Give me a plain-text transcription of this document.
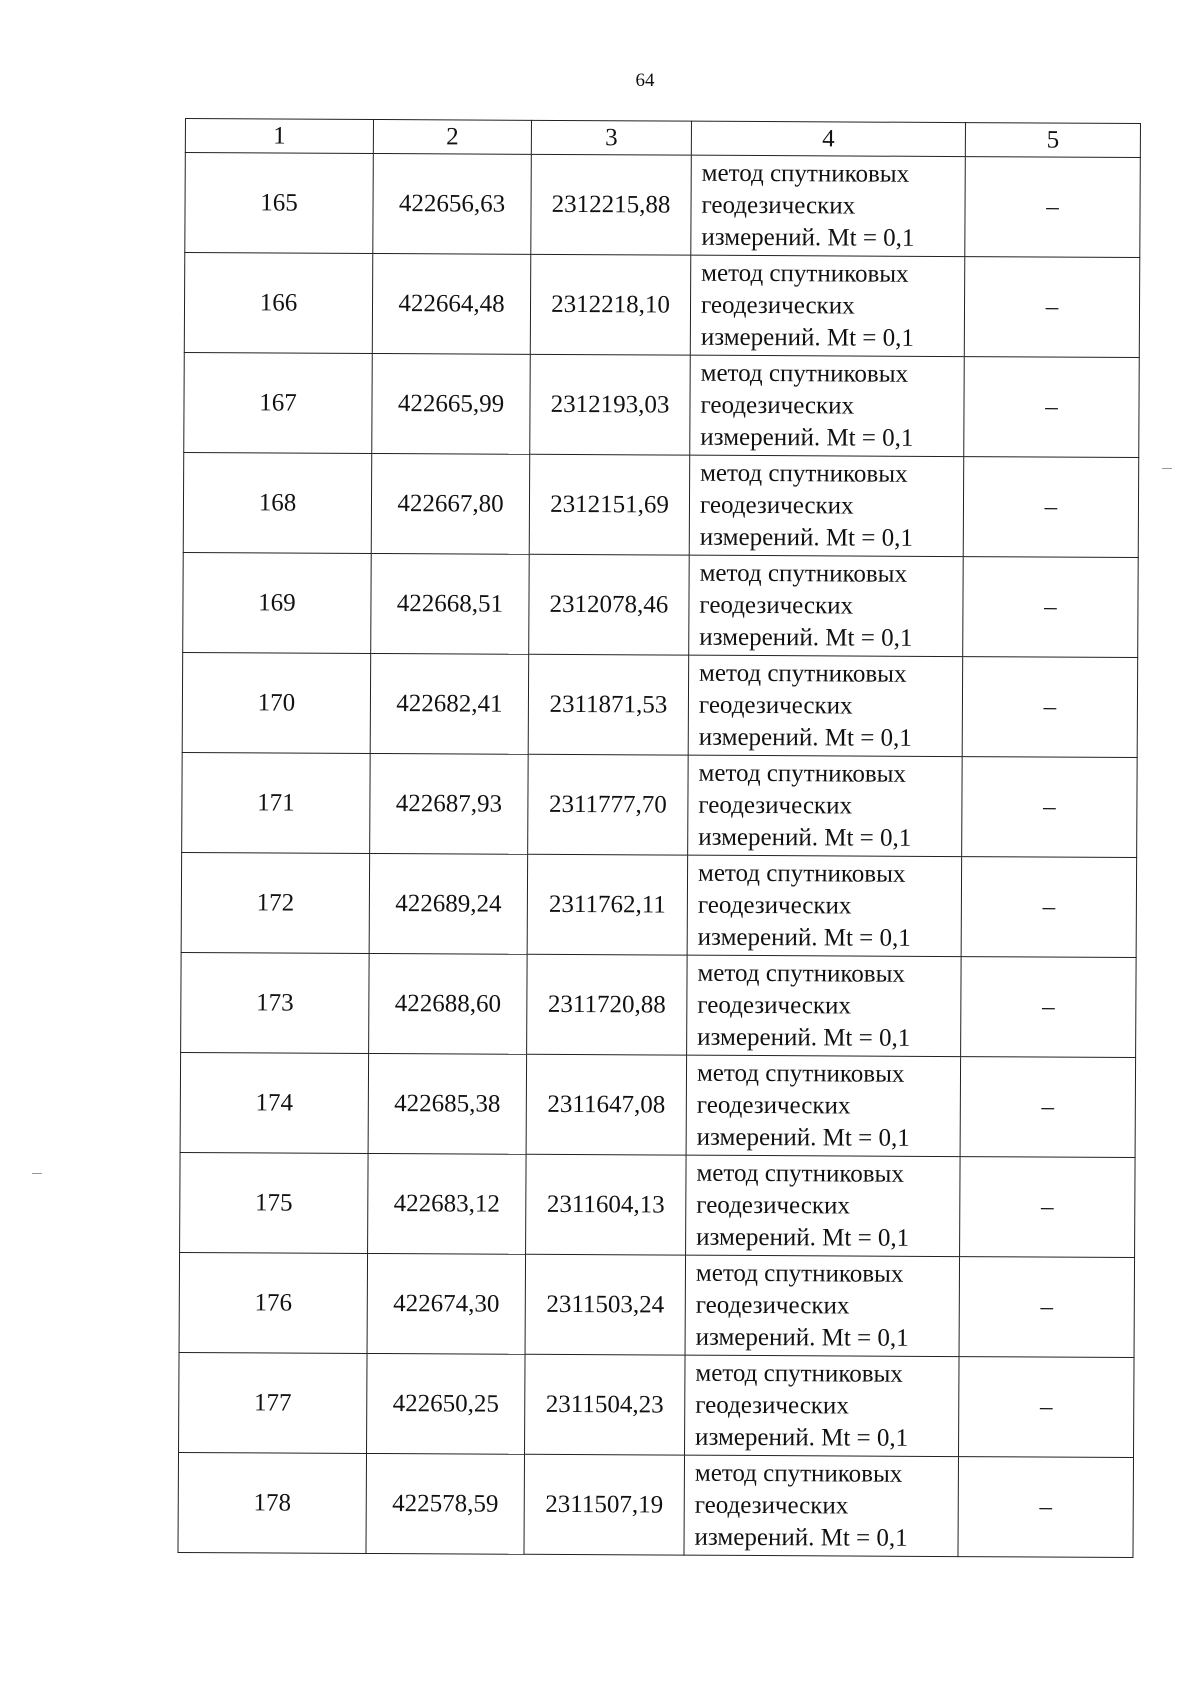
64
1	2	3	4	5
165	422656,63	2312215,88	метод спутниковых
геодезических
измерений. Mt = 0,1	–
166	422664,48	2312218,10	метод спутниковых
геодезических
измерений. Mt = 0,1	–
167	422665,99	2312193,03	метод спутниковых
геодезических
измерений. Mt = 0,1	–
168	422667,80	2312151,69	метод спутниковых
геодезических
измерений. Mt = 0,1	–
169	422668,51	2312078,46	метод спутниковых
геодезических
измерений. Mt = 0,1	–
170	422682,41	2311871,53	метод спутниковых
геодезических
измерений. Mt = 0,1	–
171	422687,93	2311777,70	метод спутниковых
геодезических
измерений. Mt = 0,1	–
172	422689,24	2311762,11	метод спутниковых
геодезических
измерений. Mt = 0,1	–
173	422688,60	2311720,88	метод спутниковых
геодезических
измерений. Mt = 0,1	–
174	422685,38	2311647,08	метод спутниковых
геодезических
измерений. Mt = 0,1	–
175	422683,12	2311604,13	метод спутниковых
геодезических
измерений. Mt = 0,1	–
176	422674,30	2311503,24	метод спутниковых
геодезических
измерений. Mt = 0,1	–
177	422650,25	2311504,23	метод спутниковых
геодезических
измерений. Mt = 0,1	–
178	422578,59	2311507,19	метод спутниковых
геодезических
измерений. Mt = 0,1	–
